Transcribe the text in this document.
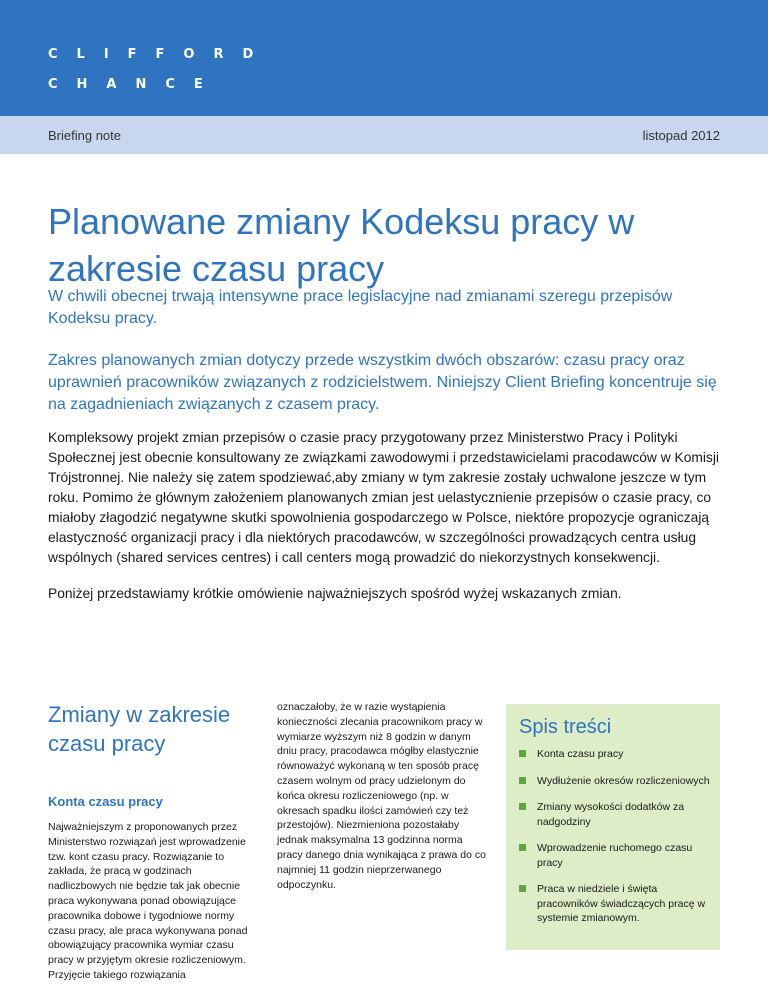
CLIFFORD
CHANCE
Briefing note	listopad 2012
Planowane zmiany Kodeksu pracy w zakresie czasu pracy

W chwili obecnej trwają intensywne prace legislacyjne nad zmianami szeregu przepisów Kodeksu pracy.

Zakres planowanych zmian dotyczy przede wszystkim dwóch obszarów: czasu pracy oraz uprawnień pracowników związanych z rodzicielstwem. Niniejszy Client Briefing koncentruje się na zagadnieniach związanych z czasem pracy.

Kompleksowy projekt zmian przepisów o czasie pracy przygotowany przez Ministerstwo Pracy i Polityki Społecznej jest obecnie konsultowany ze związkami zawodowymi i przedstawicielami pracodawców w Komisji Trójstronnej. Nie należy się zatem spodziewać,aby zmiany w tym zakresie zostały uchwalone jeszcze w tym roku. Pomimo że głównym założeniem planowanych zmian jest uelastycznienie przepisów o czasie pracy, co miałoby złagodzić negatywne skutki spowolnienia gospodarczego w Polsce, niektóre propozycje ograniczają elastyczność organizacji pracy i dla niektórych pracodawców, w szczególności prowadzących centra usług wspólnych (shared services centres) i call centers mogą prowadzić do niekorzystnych konsekwencji.

Poniżej przedstawiamy krótkie omówienie najważniejszych spośród wyżej wskazanych zmian.

Zmiany w zakresie czasu pracy
Konta czasu pracy

Najważniejszym z proponowanych przez Ministerstwo rozwiązań jest wprowadzenie tzw. kont czasu pracy. Rozwiązanie to zakłada, że pracą w godzinach nadliczbowych nie będzie tak jak obecnie praca wykonywana ponad obowiązujące pracownika dobowe i tygodniowe normy czasu pracy, ale praca wykonywana ponad obowiązujący pracownika wymiar czasu pracy w przyjętym okresie rozliczeniowym. Przyjęcie takiego rozwiązania

oznaczałoby, że w razie wystąpienia konieczności zlecania pracownikom pracy w wymiarze wyższym niż 8 godzin w danym dniu pracy, pracodawca mógłby elastycznie równoważyć wykonaną w ten sposób pracę czasem wolnym od pracy udzielonym do końca okresu rozliczeniowego (np. w okresach spadku ilości zamówień czy też przestojów). Niezmieniona pozostałaby jednak maksymalna 13 godzinna norma pracy danego dnia wynikająca z prawa do co najmniej 11 godzin nieprzerwanego odpoczynku.

Spis treści
Konta czasu pracy
Wydłużenie okresów rozliczeniowych
Zmiany wysokości dodatków za nadgodziny
Wprowadzenie ruchomego czasu pracy
Praca w niedziele i święta pracowników świadczących pracę w systemie zmianowym.
